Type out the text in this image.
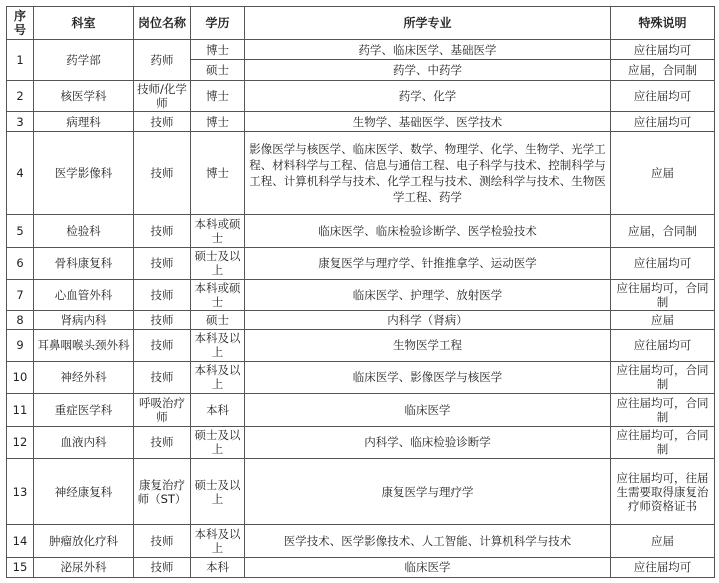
序号	科室	岗位名称	学历	所学专业	特殊说明
1	药学部	药师	博士	药学、临床医学、基础医学	应往届均可
			硕士	药学、中药学	应届，合同制
2	核医学科	技师/化学师	博士	药学、化学	应往届均可
3	病理科	技师	博士	生物学、基础医学、医学技术	应往届均可
4	医学影像科	技师	博士	影像医学与核医学、临床医学、数学、物理学、化学、生物学、光学工程、材料科学与工程、信息与通信工程、电子科学与技术、控制科学与工程、计算机科学与技术、化学工程与技术、测绘科学与技术、生物医学工程、药学	应届
5	检验科	技师	本科或硕士	临床医学、临床检验诊断学、医学检验技术	应届，合同制
6	骨科康复科	技师	硕士及以上	康复医学与理疗学、针推推拿学、运动医学	应往届均可
7	心血管外科	技师	本科或硕士	临床医学、护理学、放射医学	应往届均可，合同制
8	肾病内科	技师	硕士	内科学（肾病）	应届
9	耳鼻咽喉头颈外科	技师	本科及以上	生物医学工程	应往届均可
10	神经外科	技师	本科及以上	临床医学、影像医学与核医学	应往届均可，合同制
11	重症医学科	呼吸治疗师	本科	临床医学	应往届均可，合同制
12	血液内科	技师	硕士及以上	内科学、临床检验诊断学	应往届均可，合同制
13	神经康复科	康复治疗师（ST）	硕士及以上	康复医学与理疗学	应往届均可，往届生需要取得康复治疗师资格证书
14	肿瘤放化疗科	技师	本科及以上	医学技术、医学影像技术、人工智能、计算机科学与技术	应届
15	泌尿外科	技师	本科	临床医学	应往届均可
